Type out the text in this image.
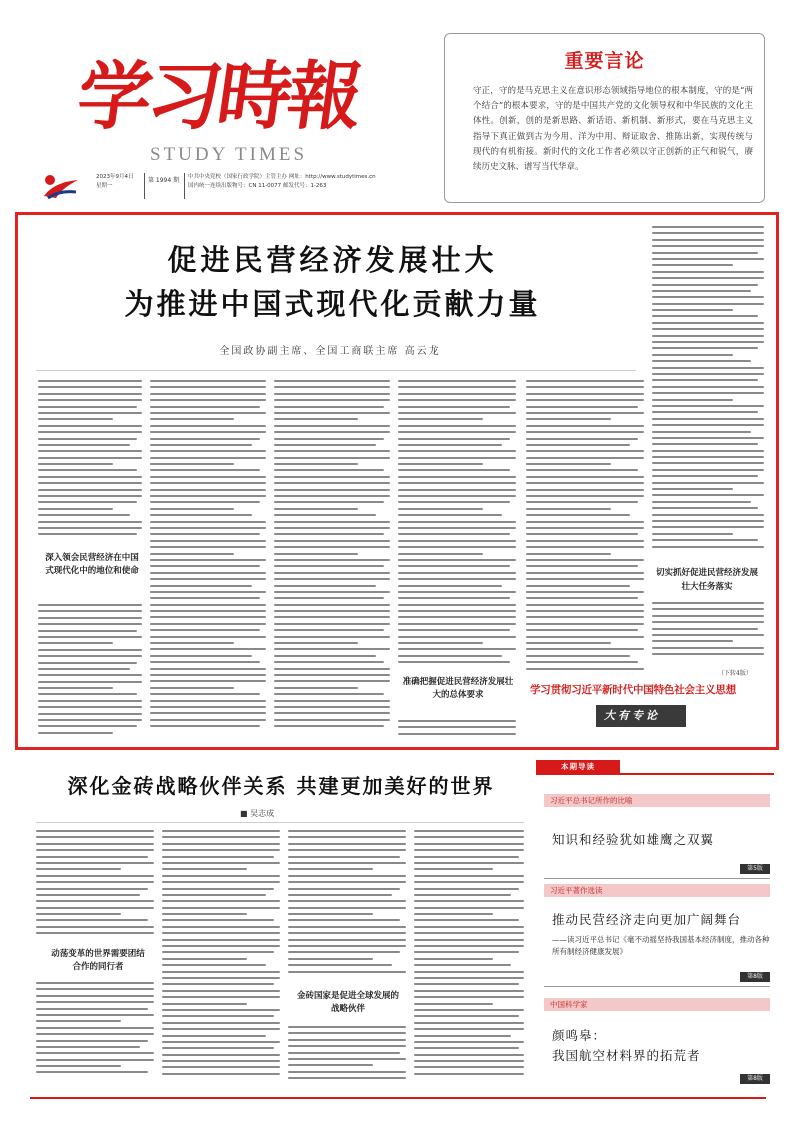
学习時報
STUDY TIMES
2023年9月4日
星期一
第 1994 期	中共中央党校（国家行政学院）主管主办 网址：http://www.studytimes.cn
国内统一连续出版物号：CN 11-0077 邮发代号：1-263
重要言论
守正，守的是马克思主义在意识形态领域指导地位的根本制度，守的是“两个结合”的根本要求，守的是中国共产党的文化领导权和中华民族的文化主体性。创新，创的是新思路、新话语、新机制、新形式，要在马克思主义指导下真正做到古为今用、洋为中用、辩证取舍、推陈出新，实现传统与现代的有机衔接。新时代的文化工作者必须以守正创新的正气和锐气，赓续历史文脉、谱写当代华章。
促进民营经济发展壮大
为推进中国式现代化贡献力量
全国政协副主席、全国工商联主席 高云龙
深入领会民营经济在中国式现代化中的地位和使命
准确把握促进民营经济发展壮大的总体要求
切实抓好促进民营经济发展壮大任务落实
（下转4版）
学习贯彻习近平新时代中国特色社会主义思想
大有专论
深化金砖战略伙伴关系 共建更加美好的世界
■ 吴志成
动荡变革的世界需要团结合作的同行者
金砖国家是促进全球发展的战略伙伴
本期导读
习近平总书记所作的比喻
知识和经验犹如雄鹰之双翼
第5版
习近平著作选读
推动民营经济走向更加广阔舞台
——读习近平总书记《毫不动摇坚持我国基本经济制度，推动各种所有制经济健康发展》
第8版
中国科学家
颜鸣皋：
我国航空材料界的拓荒者
第8版
